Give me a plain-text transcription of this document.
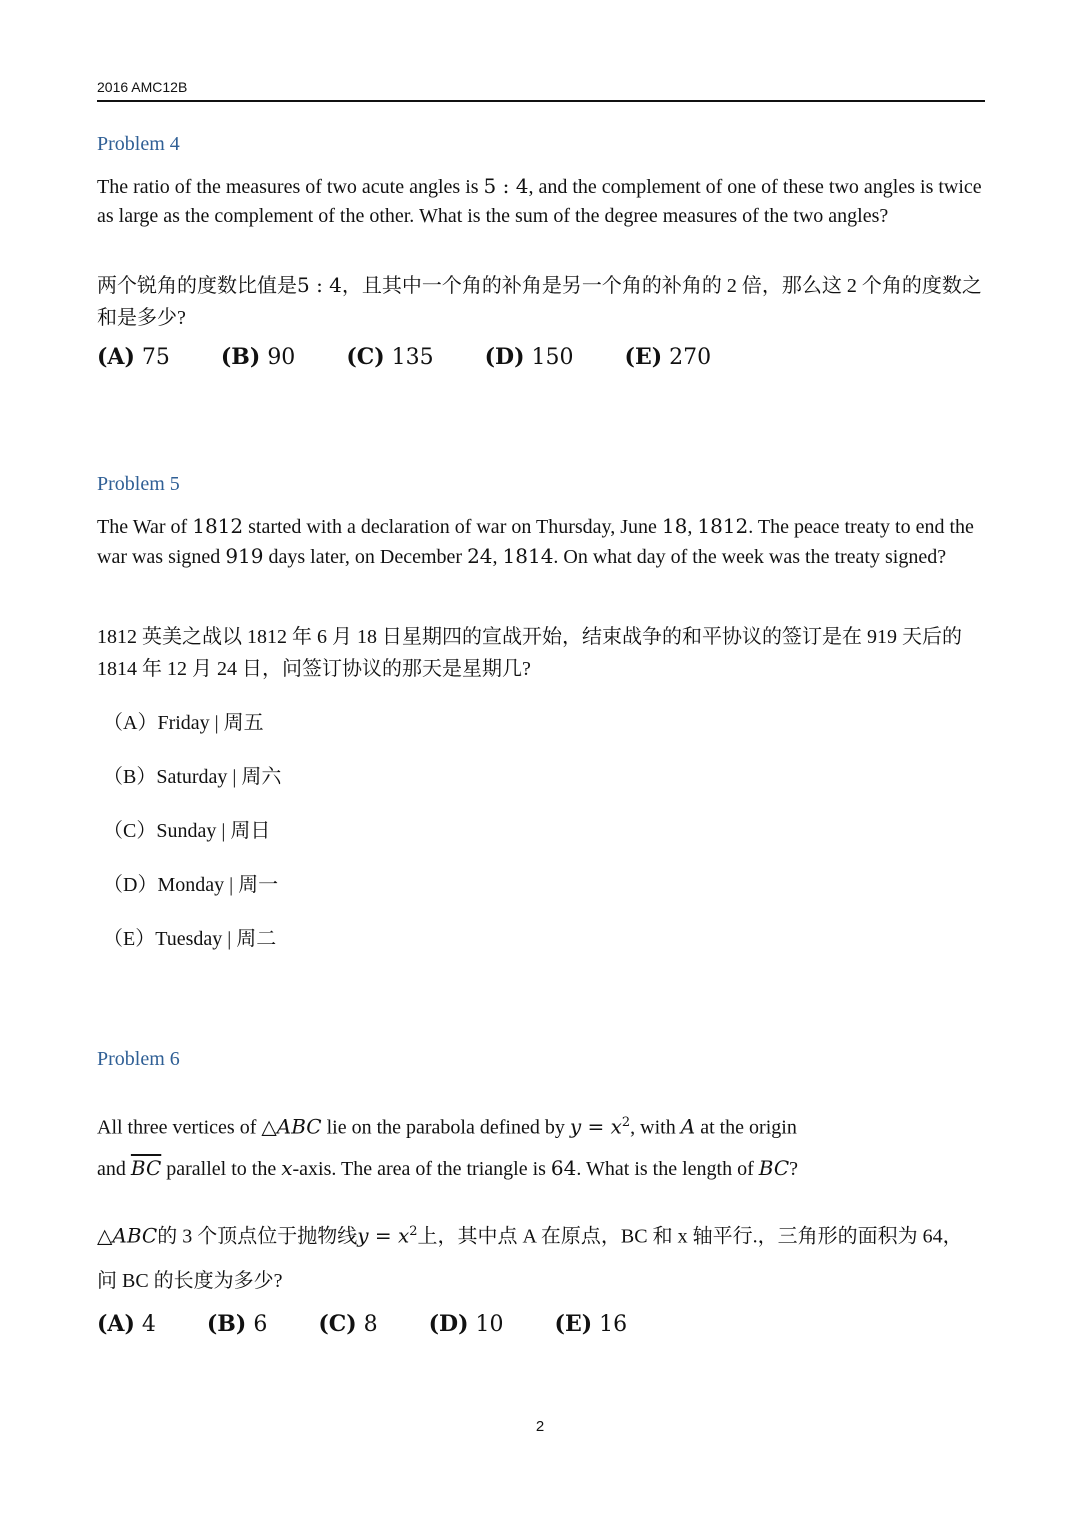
2016 AMC12B
Problem 4
The ratio of the measures of two acute angles is 5 : 4, and the complement of one of these two angles is twice as large as the complement of the other. What is the sum of the degree measures of the two angles?
两个锐角的度数比值是5 : 4，且其中一个角的补角是另一个角的补角的 2 倍，那么这 2 个角的度数之和是多少?
(A) 75 (B) 90 (C) 135 (D) 150 (E) 270
Problem 5
The War of 1812 started with a declaration of war on Thursday, June 18, 1812. The peace treaty to end the war was signed 919 days later, on December 24, 1814. On what day of the week was the treaty signed?
1812 英美之战以 1812 年 6 月 18 日星期四的宣战开始，结束战争的和平协议的签订是在 919 天后的 1814 年 12 月 24 日，问签订协议的那天是星期几?
（A）Friday | 周五
（B）Saturday | 周六
（C）Sunday | 周日
（D）Monday | 周一
（E）Tuesday | 周二
Problem 6
All three vertices of △ABC lie on the parabola defined by $y = x^2$, with A at the origin
and $\overline{BC}$ parallel to the x-axis. The area of the triangle is 64. What is the length of BC?
△ABC的 3 个顶点位于抛物线$y = x^2$上，其中点 A 在原点，BC 和 x 轴平行.，三角形的面积为 64，问 BC 的长度为多少?
(A) 4 (B) 6 (C) 8 (D) 10 (E) 16
2
